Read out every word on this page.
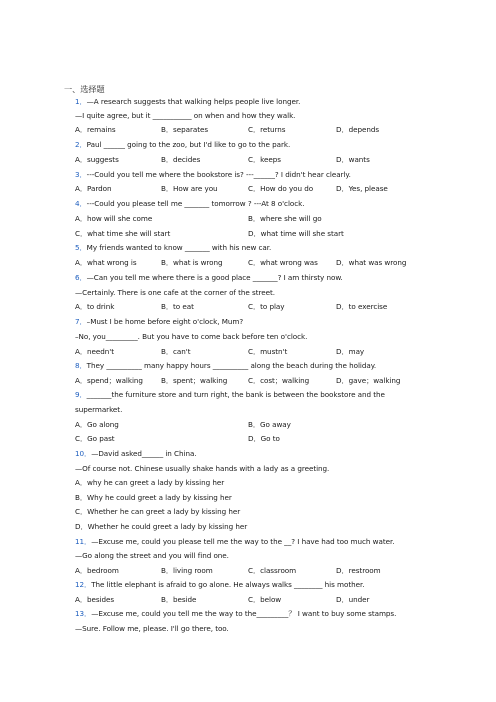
一、选择题
1．—A research suggests that walking helps people live longer.
—I quite agree, but it ___________ on when and how they walk.
A．remains	B．separates	C．returns	D．depends
2．Paul ______ going to the zoo, but I'd like to go to the park.
A．suggests	B．decides	C．keeps	D．wants
3．---Could you tell me where the bookstore is? ---______? I didn't hear clearly.
A．Pardon	B．How are you	C．How do you do	D．Yes, please
4．---Could you please tell me _______ tomorrow ? ---At 8 o'clock.
A．how will she come	B．where she will go
C．what time she will start	D．what time will she start
5．My friends wanted to know _______ with his new car.
A．what wrong is	B．what is wrong	C．what wrong was	D．what was wrong
6．—Can you tell me where there is a good place _______? I am thirsty now.
—Certainly. There is one cafe at the corner of the street.
A．to drink	B．to eat	C．to play	D．to exercise
7．–Must I be home before eight o'clock, Mum?
–No, you_________. But you have to come back before ten o'clock.
A．needn't	B．can't	C．mustn't	D．may
8．They __________ many happy hours __________ along the beach during the holiday.
A．spend；walking	B．spent；walking	C．cost；walking	D．gave；walking
9．_______the furniture store and turn right, the bank is between the bookstore and the
supermarket.
A．Go along	B．Go away
C．Go past	D．Go to
10．—David asked______ in China.
—Of course not. Chinese usually shake hands with a lady as a greeting.
A．why he can greet a lady by kissing her
B．Why he could greet a lady by kissing her
C．Whether he can greet a lady by kissing her
D．Whether he could greet a lady by kissing her
11．—Excuse me, could you please tell me the way to the __? I have had too much water.
—Go along the street and you will find one.
A．bedroom	B．living room	C．classroom	D．restroom
12．The little elephant is afraid to go alone. He always walks ________ his mother.
A．besides	B．beside	C．below	D．under
13．—Excuse me, could you tell me the way to the_________？ I want to buy some stamps.
—Sure. Follow me, please. I'll go there, too.
